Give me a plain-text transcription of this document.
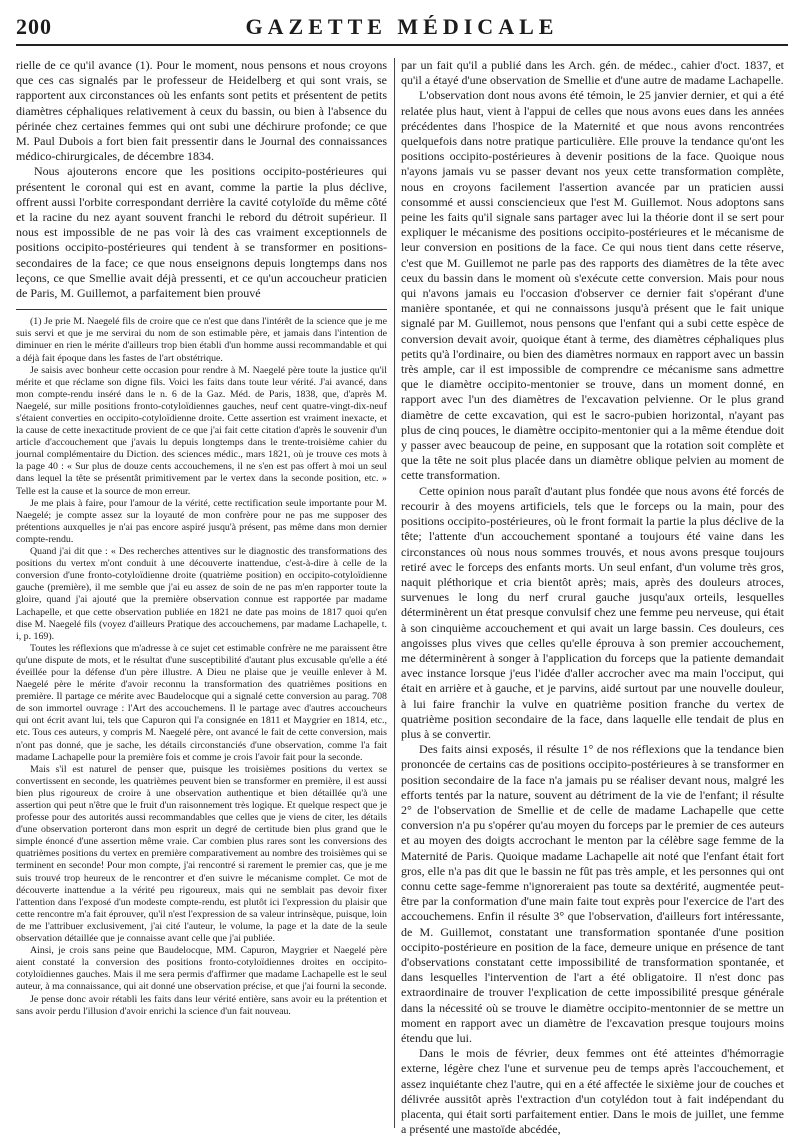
200	GAZETTE MÉDICALE

rielle de ce qu'il avance (1). Pour le moment, nous pensons et nous croyons que ces cas signalés par le professeur de Heidelberg et qui sont vrais, se rapportent aux circonstances où les enfants sont petits et présentent de petits diamètres céphaliques relativement à ceux du bassin, ou bien à l'absence du périnée chez certaines femmes qui ont subi une déchirure profonde; ce que M. Paul Dubois a fort bien fait pressentir dans le Journal des connaissances médico-chirurgicales, de décembre 1834.

Nous ajouterons encore que les positions occipito-postérieures qui présentent le coronal qui est en avant, comme la partie la plus déclive, offrent aussi l'orbite correspondant derrière la cavité cotyloïde du même côté et la racine du nez ayant souvent franchi le rebord du détroit supérieur. Il nous est impossible de ne pas voir là des cas vraiment exceptionnels de positions occipito-postérieures qui tendent à se transformer en positions-secondaires de la face; ce que nous enseignons depuis longtemps dans nos leçons, ce que Smellie avait déjà pressenti, et ce qu'un accoucheur praticien de Paris, M. Guillemot, a parfaitement bien prouvé

(1) Je prie M. Naegelé fils de croire que ce n'est que dans l'intérêt de la science que je me suis servi et que je me servirai du nom de son estimable père, et jamais dans l'intention de diminuer en rien le mérite d'ailleurs trop bien établi d'un homme aussi recommandable et qui a déjà fait époque dans les fastes de l'art obstétrique.

Je saisis avec bonheur cette occasion pour rendre à M. Naegelé père toute la justice qu'il mérite et que réclame son digne fils. Voici les faits dans toute leur vérité. J'ai avancé, dans mon compte-rendu inséré dans le n. 6 de la Gaz. Méd. de Paris, 1838, que, d'après M. Naegelé, sur mille positions fronto-cotyloïdiennes gauches, neuf cent quatre-vingt-dix-neuf s'étaient converties en occipito-cotyloïdienne droite. Cette assertion est vraiment inexacte, et la cause de cette inexactitude provient de ce que j'ai fait cette citation d'après le souvenir d'un article d'accouchement que j'avais lu depuis longtemps dans le trente-troisième cahier du journal complémentaire du Diction. des sciences médic., mars 1821, où je trouve ces mots à la page 40 : « Sur plus de douze cents accouchemens, il ne s'en est pas offert à moi un seul dans lequel la tête se présentât primitivement par le vertex dans la seconde position, etc. » Telle est la cause et la source de mon erreur.

Je me plais à faire, pour l'amour de la vérité, cette rectification seule importante pour M. Naegelé; je compte assez sur la loyauté de mon confrère pour ne pas me supposer des prétentions auxquelles je n'ai pas encore aspiré jusqu'à présent, pas même dans mon dernier compte-rendu.

Quand j'ai dit que : « Des recherches attentives sur le diagnostic des transformations des positions du vertex m'ont conduit à une découverte inattendue, c'est-à-dire à celle de la conversion d'une fronto-cotyloïdienne droite (quatrième position) en occipito-cotyloïdienne gauche (première), il me semble que j'ai eu assez de soin de ne pas m'en rapporter toute la gloire, quand j'ai ajouté que la première observation connue est rapportée par madame Lachapelle, et que cette observation publiée en 1821 ne date pas moins de 1817 quoi qu'en dise M. Naegelé fils (voyez d'ailleurs Pratique des accouchemens, par madame Lachapelle, t. i, p. 169).

Toutes les réflexions que m'adresse à ce sujet cet estimable confrère ne me paraissent être qu'une dispute de mots, et le résultat d'une susceptibilité d'autant plus excusable qu'elle a été éveillée pour la défense d'un père illustre. A Dieu ne plaise que je veuille enlever à M. Naegelé père le mérite d'avoir reconnu la transformation des quatrièmes positions en première. Il partage ce mérite avec Baudelocque qui a signalé cette conversion au parag. 708 de son immortel ouvrage : l'Art des accouchemens. Il le partage avec d'autres accoucheurs qui ont écrit avant lui, tels que Capuron qui l'a consignée en 1811 et Maygrier en 1814, etc., etc. Tous ces auteurs, y compris M. Naegelé père, ont avancé le fait de cette conversion, mais n'ont pas donné, que je sache, les détails circonstanciés d'une observation, comme l'a fait madame Lachapelle pour la première fois et comme je crois l'avoir fait pour la seconde.

Mais s'il est naturel de penser que, puisque les troisièmes positions du vertex se convertissent en seconde, les quatrièmes peuvent bien se transformer en première, il est aussi bien plus rigoureux de croire à une observation authentique et bien détaillée qu'à une assertion qui peut n'être que le fruit d'un raisonnement très logique. Et quelque respect que je professe pour des autorités aussi recommandables que celles que je viens de citer, les détails d'une observation porteront dans mon esprit un degré de certitude bien plus grand que le simple énoncé d'une assertion même vraie. Car combien plus rares sont les conversions des quatrièmes positions du vertex en première comparativement au nombre des troisièmes qui se terminent en seconde! Pour mon compte, j'ai rencontré si rarement le premier cas, que je me suis trouvé trop heureux de le rencontrer et d'en suivre le mécanisme complet. Ce mot de découverte inattendue a la vérité peu rigoureux, mais qui ne semblait pas devoir fixer l'attention dans l'exposé d'un modeste compte-rendu, est plutôt ici l'expression du plaisir que cette rencontre m'a fait éprouver, qu'il n'est l'expression de sa valeur intrinsèque, puisque, loin de me l'attribuer exclusivement, j'ai cité l'auteur, le volume, la page et la date de la seule observation détaillée que je connaisse avant celle que j'ai publiée.

Ainsi, je crois sans peine que Baudelocque, MM. Capuron, Maygrier et Naegelé père aient constaté la conversion des positions fronto-cotyloïdiennes droites en occipito-cotyloïdiennes gauches. Mais il me sera permis d'affirmer que madame Lachapelle est le seul auteur, à ma connaissance, qui ait donné une observation précise, et que j'ai fourni la seconde.

Je pense donc avoir rétabli les faits dans leur vérité entière, sans avoir eu la prétention et sans avoir perdu l'illusion d'avoir enrichi la science d'un fait nouveau.

par un fait qu'il a publié dans les Arch. gén. de médec., cahier d'oct. 1837, et qu'il a étayé d'une observation de Smellie et d'une autre de madame Lachapelle.

L'observation dont nous avons été témoin, le 25 janvier dernier, et qui a été relatée plus haut, vient à l'appui de celles que nous avons eues dans les années précédentes dans l'hospice de la Maternité et que nous avons rencontrées quelquefois dans notre pratique particulière. Elle prouve la tendance qu'ont les positions occipito-postérieures à devenir positions de la face. Quoique nous n'ayons jamais vu se passer devant nos yeux cette transformation complète, nous en croyons facilement l'assertion avancée par un praticien aussi consommé et aussi consciencieux que l'est M. Guillemot. Nous adoptons sans peine les faits qu'il signale sans partager avec lui la théorie dont il se sert pour expliquer le mécanisme des positions occipito-postérieures et le mécanisme de leur conversion en positions de la face. Ce qui nous tient dans cette réserve, c'est que M. Guillemot ne parle pas des rapports des diamètres de la tête avec ceux du bassin dans le moment où s'exécute cette conversion. Mais pour nous qui n'avons jamais eu l'occasion d'observer ce dernier fait s'opérant d'une manière spontanée, et qui ne connaissons jusqu'à présent que le fait unique signalé par M. Guillemot, nous pensons que l'enfant qui a subi cette espèce de conversion devait avoir, quoique étant à terme, des diamètres céphaliques plus petits qu'à l'ordinaire, ou bien des diamètres normaux en rapport avec un bassin très ample, car il est impossible de comprendre ce mécanisme sans admettre que le diamètre occipito-mentonier se trouve, dans un moment donné, en rapport avec l'un des diamètres de l'excavation pelvienne. Or le plus grand diamètre de cette excavation, qui est le sacro-pubien horizontal, n'ayant pas plus de cinq pouces, le diamètre occipito-mentonier qui a la même étendue doit y passer avec beaucoup de peine, en supposant que la rotation soit complète et que la tête ne soit plus placée dans un diamètre oblique pelvien au moment de cette transformation.

Cette opinion nous paraît d'autant plus fondée que nous avons été forcés de recourir à des moyens artificiels, tels que le forceps ou la main, pour des positions occipito-postérieures, où le front formait la partie la plus déclive de la tête; l'attente d'un accouchement spontané a toujours été vaine dans les circonstances où nous nous sommes trouvés, et nous avons presque toujours retiré avec le forceps des enfants morts. Un seul enfant, d'un volume très gros, naquit pléthorique et cria bientôt après; mais, après des douleurs atroces, survenues le long du nerf crural gauche jusqu'aux orteils, lesquelles déterminèrent un état presque convulsif chez une femme peu nerveuse, qui était à son cinquième accouchement et qui avait un large bassin. Ces douleurs, ces angoisses plus vives que celles qu'elle éprouva à son premier accouchement, me déterminèrent à songer à l'application du forceps que la patiente demandait avec instance lorsque j'eus l'idée d'aller accrocher avec ma main l'occiput, qui était en arrière et à gauche, et je parvins, aidé surtout par une nouvelle douleur, à lui faire franchir la vulve en quatrième position franche du vertex de quatrième position secondaire de la face, dans laquelle elle tendait de plus en plus à se convertir.

Des faits ainsi exposés, il résulte 1° de nos réflexions que la tendance bien prononcée de certains cas de positions occipito-postérieures à se transformer en position secondaire de la face n'a jamais pu se réaliser devant nous, malgré les efforts tentés par la nature, souvent au détriment de la vie de l'enfant; il résulte 2° de l'observation de Smellie et de celle de madame Lachapelle que cette conversion n'a pu s'opérer qu'au moyen du forceps par le premier de ces auteurs et au moyen des doigts accrochant le menton par la célèbre sage femme de la Maternité de Paris. Quoique madame Lachapelle ait noté que l'enfant était fort gros, elle n'a pas dit que le bassin ne fût pas très ample, et les personnes qui ont connu cette sage-femme n'ignoreraient pas toute sa dextérité, augmentée peut-être par la conformation d'une main faite tout exprès pour l'exercice de l'art des accouchemens. Enfin il résulte 3° que l'observation, d'ailleurs fort intéressante, de M. Guillemot, constatant une transformation spontanée d'une position occipito-postérieure en position de la face, demeure unique en présence de tant d'observations constatant cette impossibilité de transformation spontanée, et dans lesquelles l'intervention de l'art a été obligatoire. Il n'est donc pas extraordinaire de trouver l'explication de cette impossibilité presque générale dans la nécessité où se trouve le diamètre occipito-mentonnier de se mettre un moment en rapport avec un diamètre de l'excavation presque toujours moins étendu que lui.

Dans le mois de février, deux femmes ont été atteintes d'hémorragie externe, légère chez l'une et survenue peu de temps après l'accouchement, et assez inquiétante chez l'autre, qui en a été affectée le sixième jour de couches et délivrée aussitôt après l'extraction d'un cotylédon tout à fait indépendant du placenta, qui était sorti parfaitement entier. Dans le mois de juillet, une femme a présenté une mastoïde abcédée,
